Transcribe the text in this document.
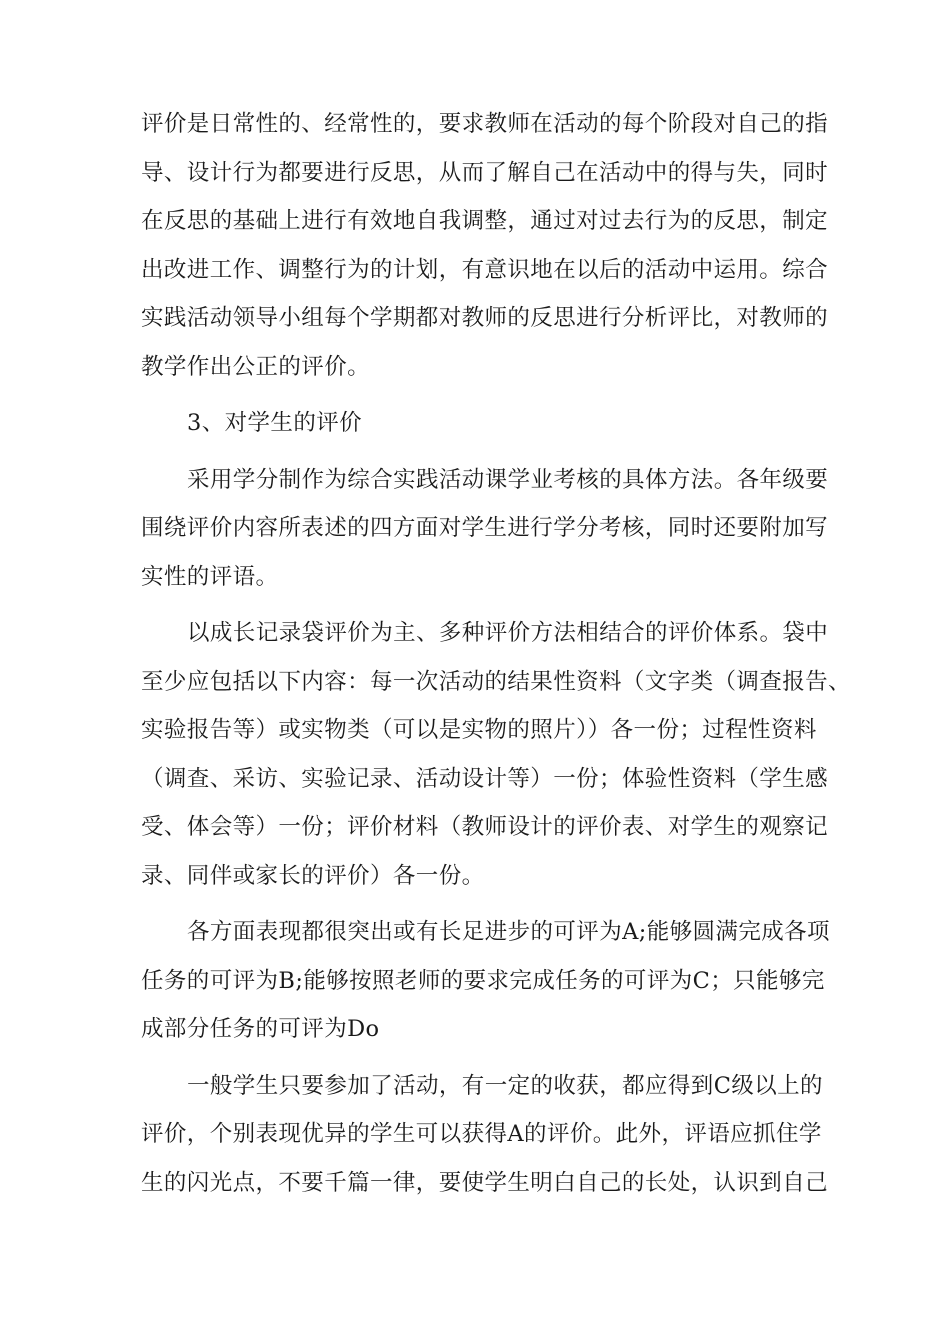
评价是日常性的、经常性的，要求教师在活动的每个阶段对自己的指
导、设计行为都要进行反思，从而了解自己在活动中的得与失，同时
在反思的基础上进行有效地自我调整，通过对过去行为的反思，制定
出改进工作、调整行为的计划，有意识地在以后的活动中运用。综合
实践活动领导小组每个学期都对教师的反思进行分析评比，对教师的
教学作出公正的评价。

3、对学生的评价

采用学分制作为综合实践活动课学业考核的具体方法。各年级要
围绕评价内容所表述的四方面对学生进行学分考核，同时还要附加写
实性的评语。

以成长记录袋评价为主、多种评价方法相结合的评价体系。袋中
至少应包括以下内容：每一次活动的结果性资料（文字类（调查报告、
实验报告等）或实物类（可以是实物的照片））各一份；过程性资料
（调查、采访、实验记录、活动设计等）一份；体验性资料（学生感
受、体会等）一份；评价材料（教师设计的评价表、对学生的观察记
录、同伴或家长的评价）各一份。

各方面表现都很突出或有长足进步的可评为A;能够圆满完成各项
任务的可评为B;能够按照老师的要求完成任务的可评为C；只能够完
成部分任务的可评为Do

一般学生只要参加了活动，有一定的收获，都应得到C级以上的
评价，个别表现优异的学生可以获得A的评价。此外，评语应抓住学
生的闪光点，不要千篇一律，要使学生明白自己的长处，认识到自己
